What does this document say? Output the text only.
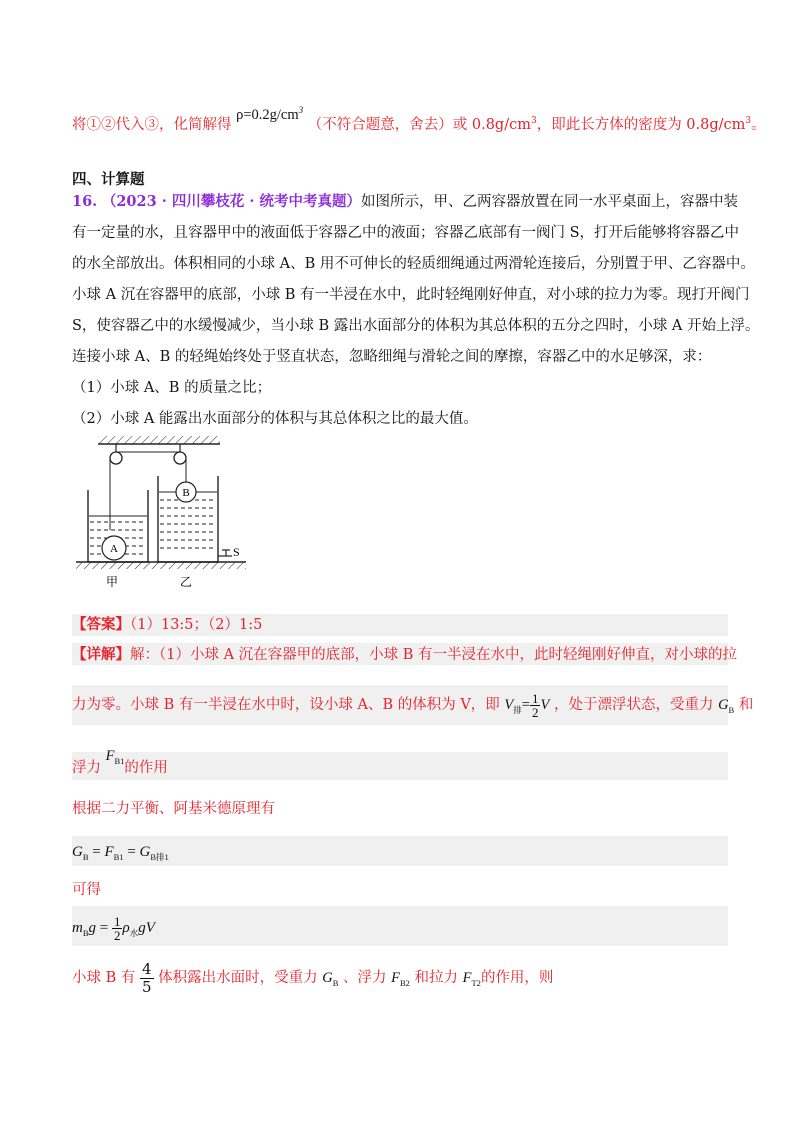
将①②代入③，化简解得 $\rho=0.2g/cm^3$ （不符合题意，舍去）或 $0.8g/cm^3$，即此长方体的密度为 $0.8g/cm^3$。
四、计算题
16. （2023 · 四川攀枝花 · 统考中考真题）如图所示，甲、乙两容器放置在同一水平桌面上，容器中装
有一定量的水，且容器甲中的液面低于容器乙中的液面；容器乙底部有一阀门 S，打开后能够将容器乙中
的水全部放出。体积相同的小球 A、B 用不可伸长的轻质细绳通过两滑轮连接后，分别置于甲、乙容器中。
小球 A 沉在容器甲的底部，小球 B 有一半浸在水中，此时轻绳刚好伸直，对小球的拉力为零。现打开阀门
S，使容器乙中的水缓慢减少，当小球 B 露出水面部分的体积为其总体积的五分之四时，小球 A 开始上浮。
连接小球 A、B 的轻绳始终处于竖直状态，忽略细绳与滑轮之间的摩擦，容器乙中的水足够深，求：
（1）小球 A、B 的质量之比；
（2）小球 A 能露出水面部分的体积与其总体积之比的最大值。
A
B
S
甲	乙
【答案】（1）13:5；（2）1:5
【详解】解：（1）小球 A 沉在容器甲的底部，小球 B 有一半浸在水中，此时轻绳刚好伸直，对小球的拉
力为零。小球 B 有一半浸在水中时，设小球 A、B 的体积为 V，即 $V_排= \frac{1}{2}$ V ，处于漂浮状态，受重力 $G_B$ 和
浮力 $F_{B1}$的作用
根据二力平衡、阿基米德原理有
$G_B = F_{B1} = G_{B排1}$
可得
$m_Bg = \frac{1}{2} \rho_水gV$
小球 B 有 $\frac{4}{5}$ 体积露出水面时，受重力 $G_B$ 、浮力 $F_{B2}$ 和拉力 $F_{T2}$的作用，则
